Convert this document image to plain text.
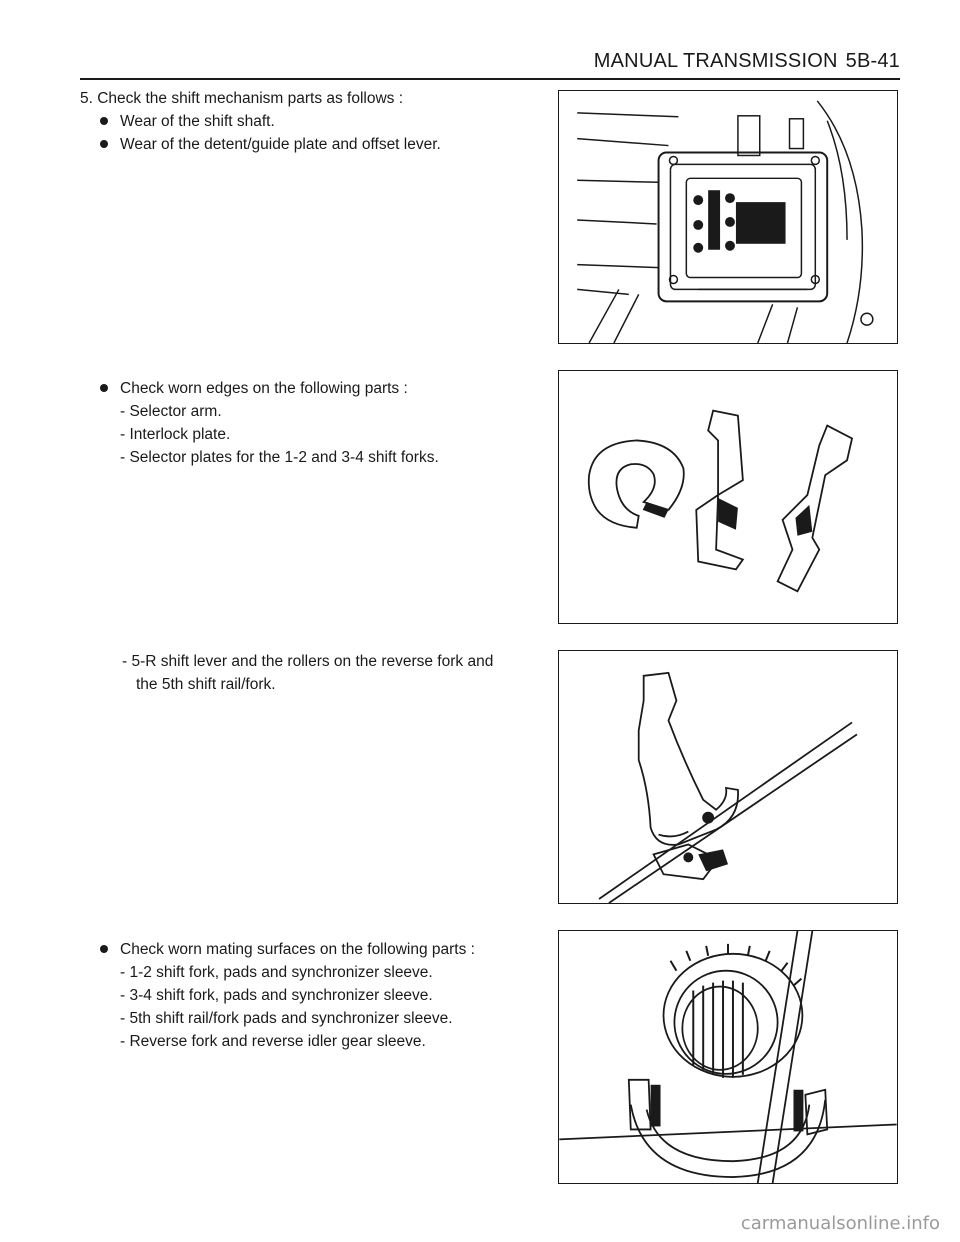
MANUAL TRANSMISSION 5B-41
5. Check the shift mechanism parts as follows :
Wear of the shift shaft.
Wear of the detent/guide plate and offset lever.
Check worn edges on the following parts :
- Selector arm.
- Interlock plate.
- Selector plates for the 1-2 and 3-4 shift forks.
- 5-R shift lever and the rollers on the reverse fork and
the 5th shift rail/fork.
Check worn mating surfaces on the following parts :
- 1-2 shift fork, pads and synchronizer sleeve.
- 3-4 shift fork, pads and synchronizer sleeve.
- 5th shift rail/fork pads and synchronizer sleeve.
- Reverse fork and reverse idler gear sleeve.
carmanualsonline.info
